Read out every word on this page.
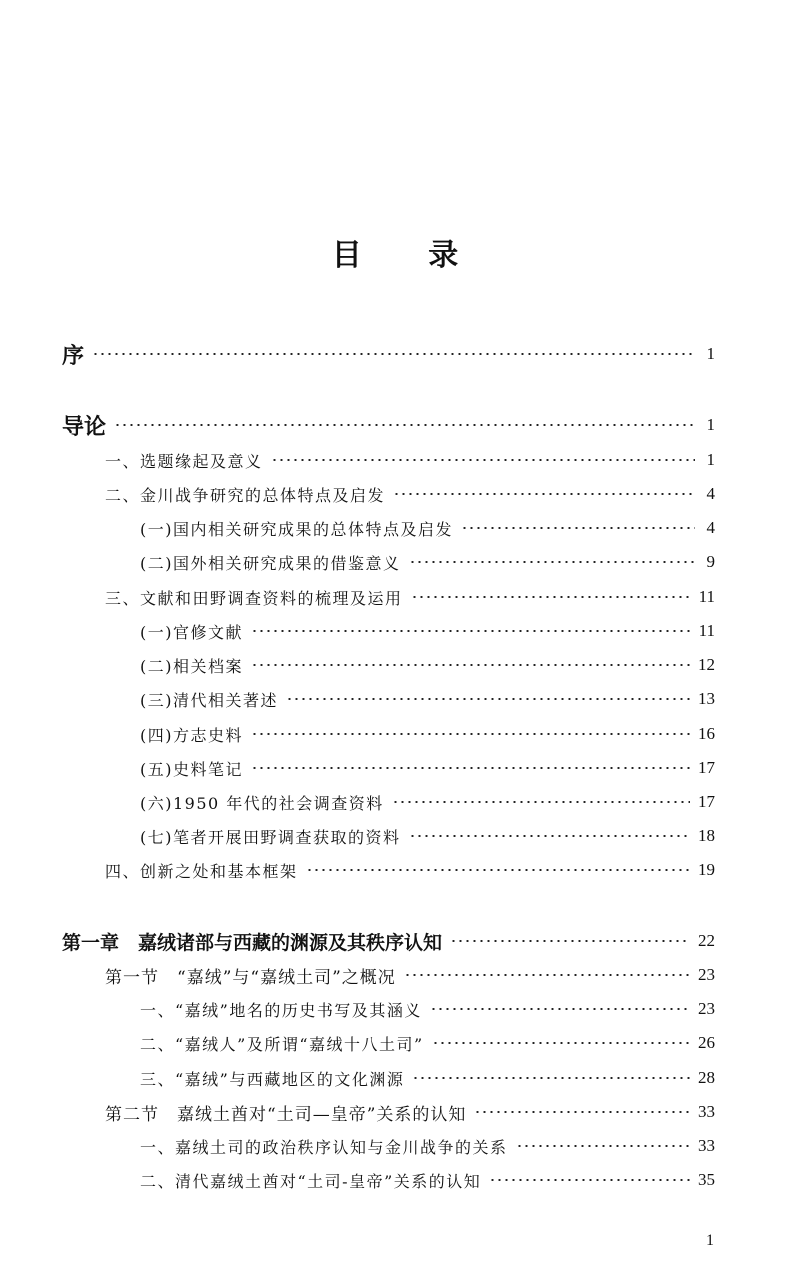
目 录
序	1
导论	1
一、选题缘起及意义	1
二、金川战争研究的总体特点及启发	4
(一)国内相关研究成果的总体特点及启发	4
(二)国外相关研究成果的借鉴意义	9
三、文献和田野调查资料的梳理及运用	11
(一)官修文献	11
(二)相关档案	12
(三)清代相关著述	13
(四)方志史料	16
(五)史料笔记	17
(六)1950 年代的社会调查资料	17
(七)笔者开展田野调查获取的资料	18
四、创新之处和基本框架	19
第一章　嘉绒诸部与西藏的渊源及其秩序认知	22
第一节　“嘉绒”与“嘉绒土司”之概况	23
一、“嘉绒”地名的历史书写及其涵义	23
二、“嘉绒人”及所谓“嘉绒十八土司”	26
三、“嘉绒”与西藏地区的文化渊源	28
第二节　嘉绒土酋对“土司—皇帝”关系的认知	33
一、嘉绒土司的政治秩序认知与金川战争的关系	33
二、清代嘉绒土酋对“土司-皇帝”关系的认知	35
1
